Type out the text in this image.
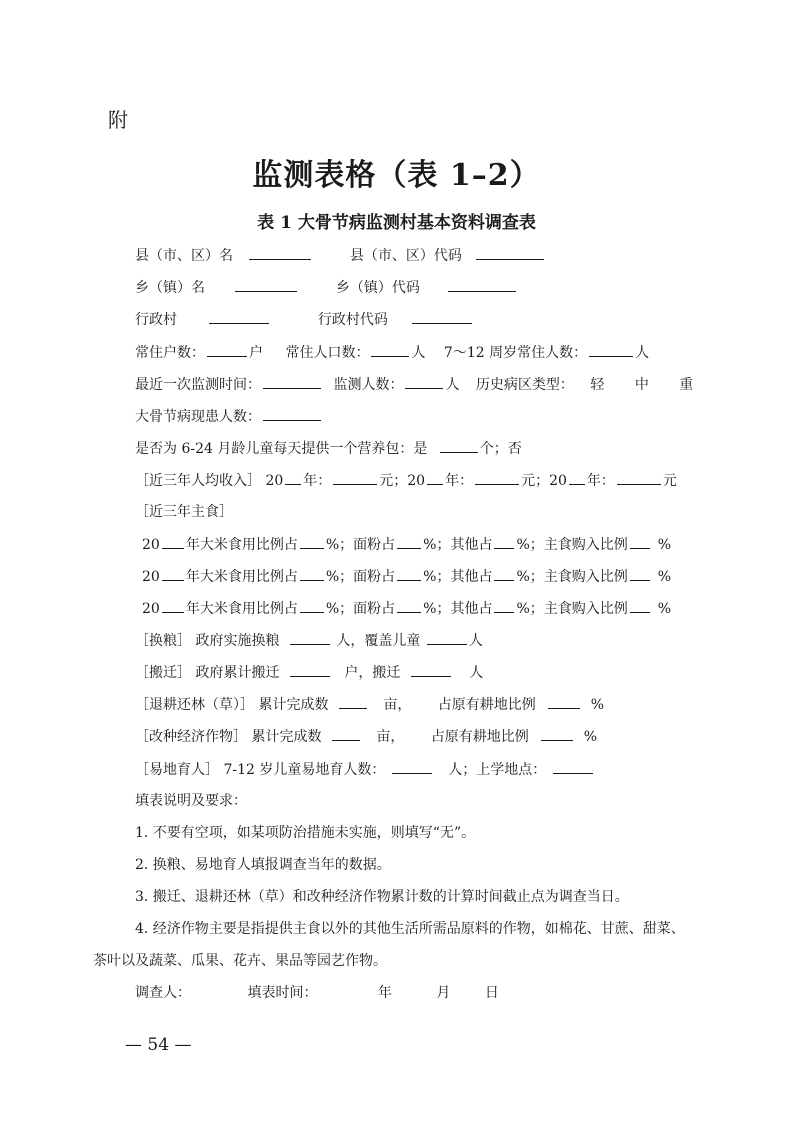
附
监测表格（表 1–2）
表 1 大骨节病监测村基本资料调查表
县（市、区）名	县（市、区）代码
乡（镇）名	乡（镇）代码
行政村	行政村代码
常住户数：	户 常住人口数：	人 7～12 周岁常住人数：	人
最近一次监测时间：	监测人数：	人 历史病区类型： 轻 中 重
大骨节病现患人数：
是否为 6-24 月龄儿童每天提供一个营养包：是	个；否
［近三年人均收入］ 20 年：	元；20 年：	元；20 年：	元
［近三年主食］
20 年大米食用比例占 %；面粉占 %；其他占 %；主食购入比例 %
20 年大米食用比例占 %；面粉占 %；其他占 %；主食购入比例 %
20 年大米食用比例占 %；面粉占 %；其他占 %；主食购入比例 %
［换粮］ 政府实施换粮	人，覆盖儿童	人
［搬迁］ 政府累计搬迁	户，搬迁	人
［退耕还林（草）］ 累计完成数	亩， 占原有耕地比例	%
［改种经济作物］ 累计完成数	亩， 占原有耕地比例	%
［易地育人］ 7-12 岁儿童易地育人数：	人；上学地点：
填表说明及要求：
1. 不要有空项，如某项防治措施未实施，则填写“无”。
2. 换粮、易地育人填报调查当年的数据。
3. 搬迁、退耕还林（草）和改种经济作物累计数的计算时间截止点为调查当日。
4. 经济作物主要是指提供主食以外的其他生活所需品原料的作物，如棉花、甘蔗、甜菜、
茶叶以及蔬菜、瓜果、花卉、果品等园艺作物。
调查人：	填表时间：	年	月 日
— 54 —
